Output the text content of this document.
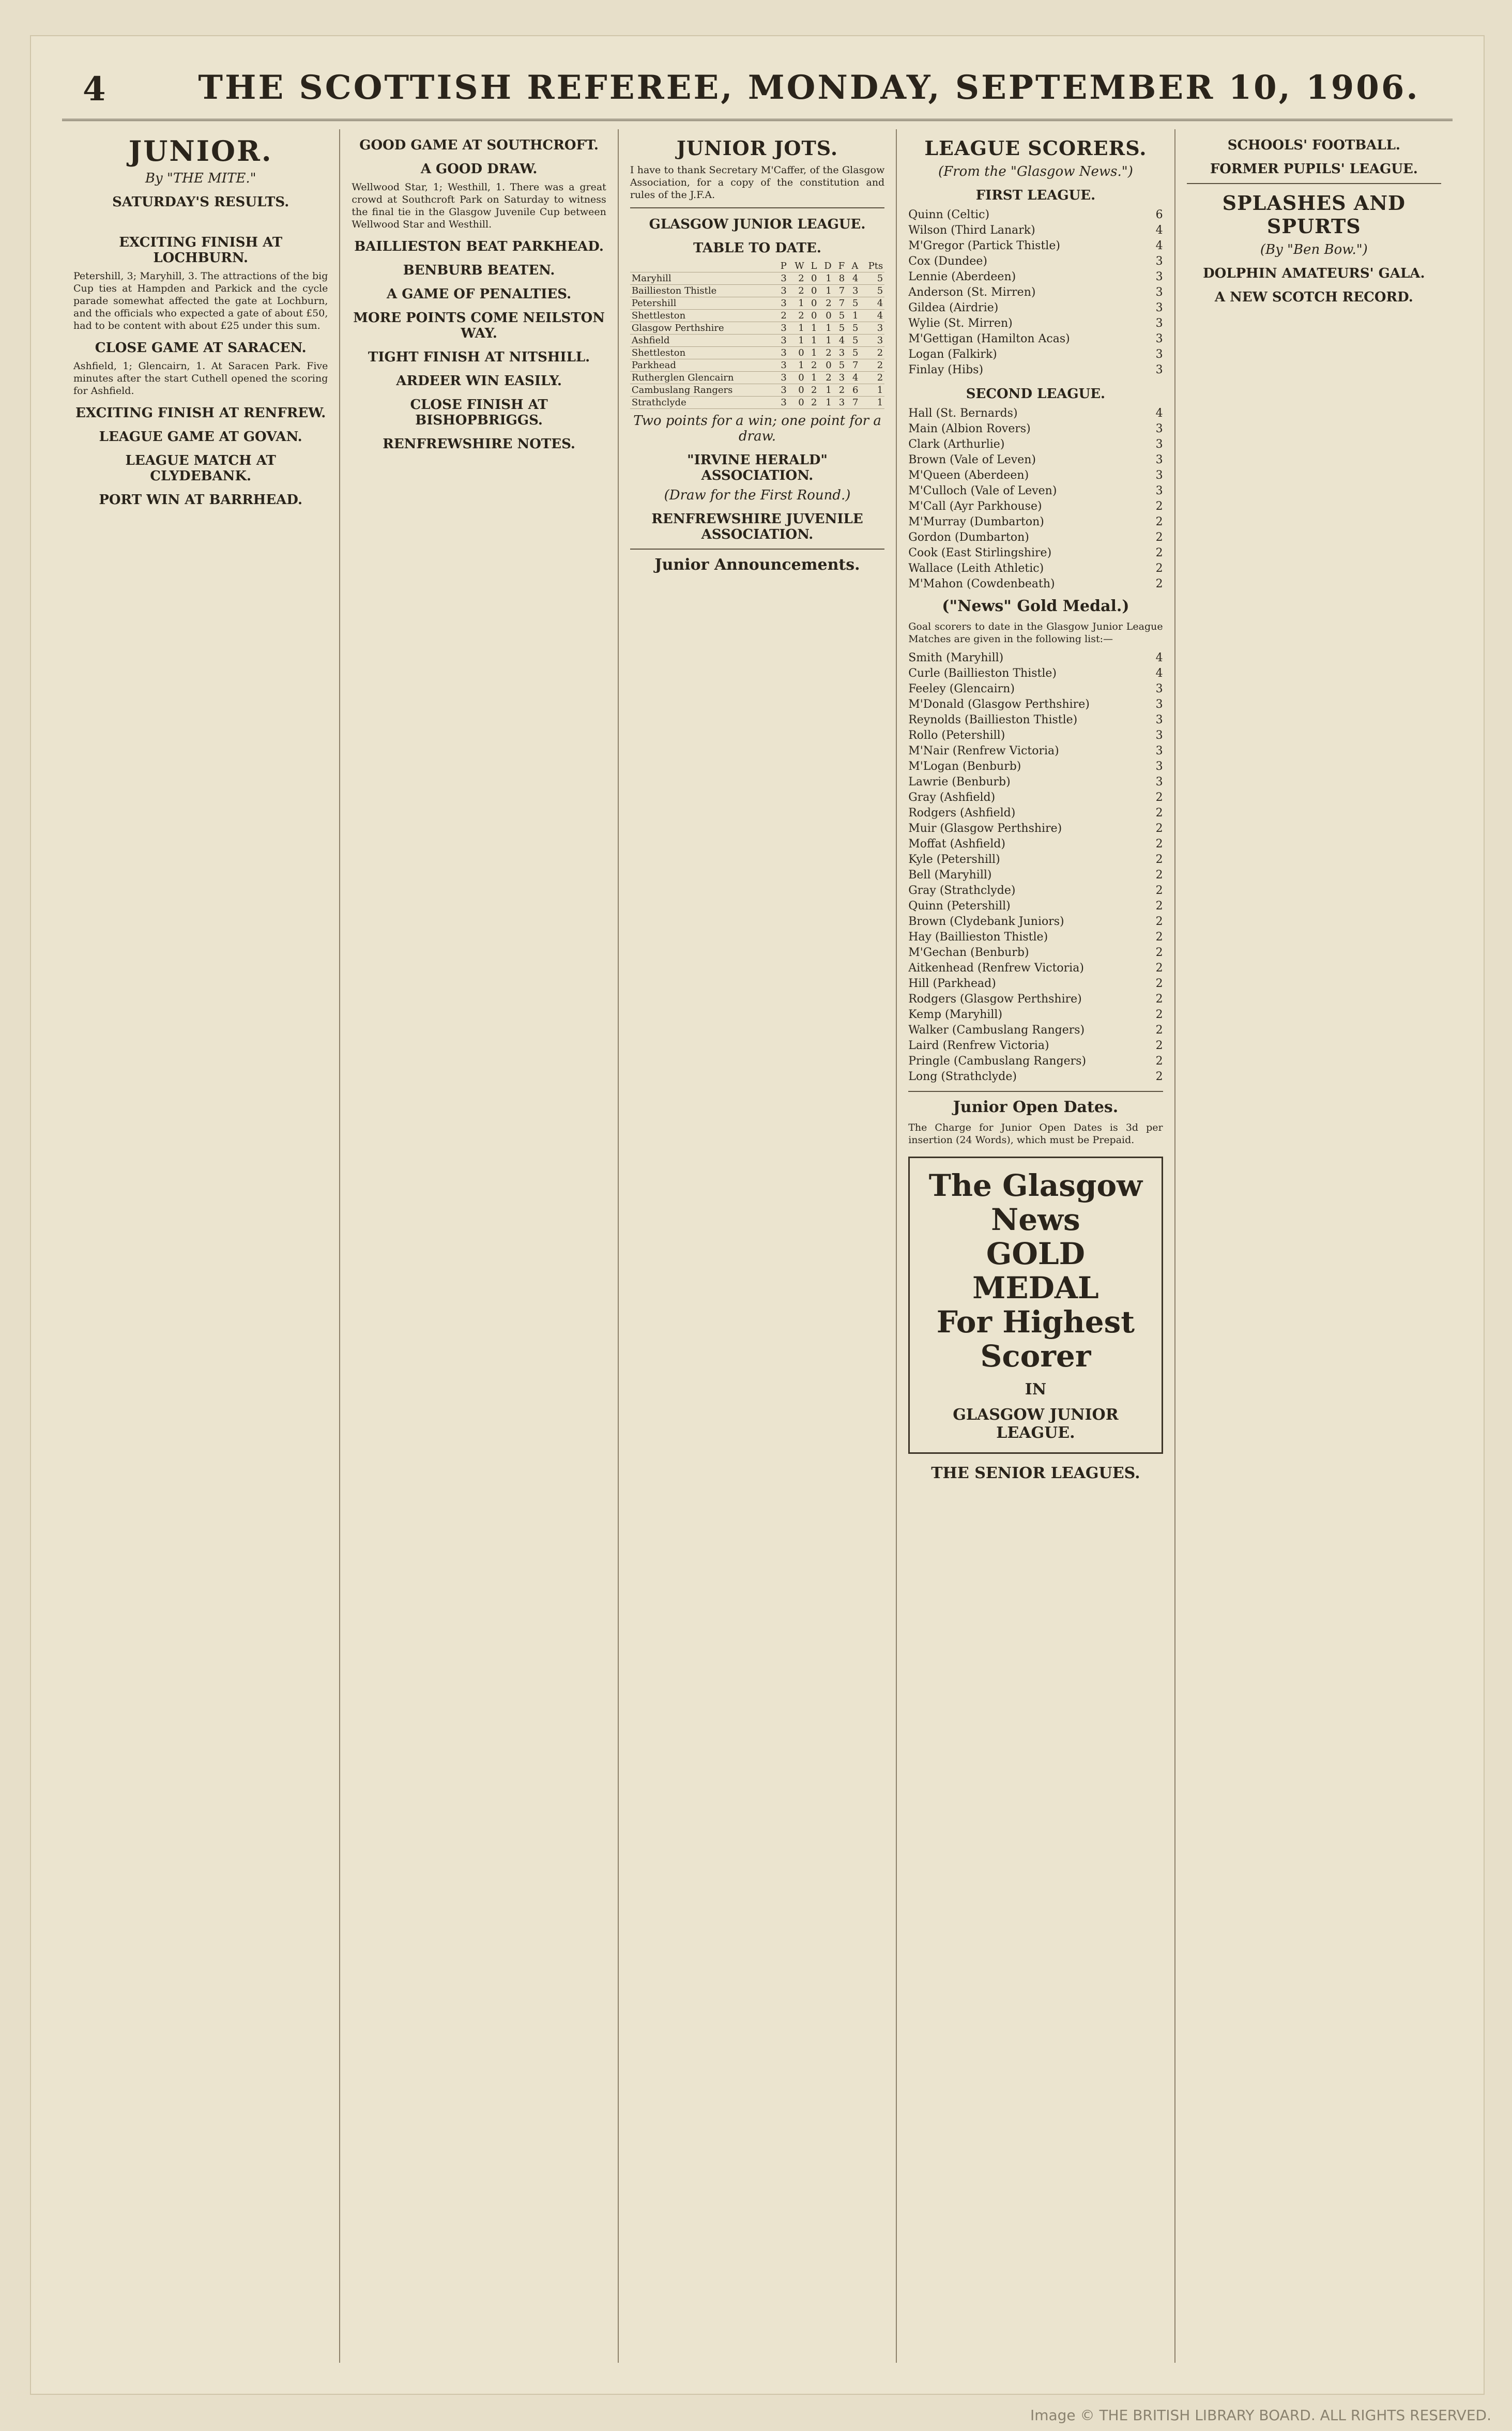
4	THE SCOTTISH REFEREE, MONDAY, SEPTEMBER 10, 1906.
JUNIOR.
By "THE MITE."
SATURDAY'S RESULTS.

EXCITING FINISH AT LOCHBURN.

Petershill, 3; Maryhill, 3. The attractions of the big Cup ties at Hampden and Parkick and the cycle parade somewhat affected the gate at Lochburn, and the officials who expected a gate of about £50, had to be content with about £25 under this sum.

CLOSE GAME AT SARACEN.

Ashfield, 1; Glencairn, 1. At Saracen Park. Five minutes after the start Cuthell opened the scoring for Ashfield.

EXCITING FINISH AT RENFREW.
LEAGUE GAME AT GOVAN.
LEAGUE MATCH AT CLYDEBANK.
PORT WIN AT BARRHEAD.
GOOD GAME AT SOUTHCROFT.
A GOOD DRAW.

Wellwood Star, 1; Westhill, 1. There was a great crowd at Southcroft Park on Saturday to witness the final tie in the Glasgow Juvenile Cup between Wellwood Star and Westhill.

BAILLIESTON BEAT PARKHEAD.
BENBURB BEATEN.
A GAME OF PENALTIES.
MORE POINTS COME NEILSTON WAY.
TIGHT FINISH AT NITSHILL.
ARDEER WIN EASILY.
CLOSE FINISH AT BISHOPBRIGGS.
RENFREWSHIRE NOTES.
JUNIOR JOTS.

I have to thank Secretary M'Caffer, of the Glasgow Association, for a copy of the constitution and rules of the J.F.A.

GLASGOW JUNIOR LEAGUE.
TABLE TO DATE.
	P	W	L	D	F	A	Pts
Maryhill	3	2	0	1	8	4	5
Baillieston Thistle	3	2	0	1	7	3	5
Petershill	3	1	0	2	7	5	4
Shettleston	2	2	0	0	5	1	4
Glasgow Perthshire	3	1	1	1	5	5	3
Ashfield	3	1	1	1	4	5	3
Shettleston	3	0	1	2	3	5	2
Parkhead	3	1	2	0	5	7	2
Rutherglen Glencairn	3	0	1	2	3	4	2
Cambuslang Rangers	3	0	2	1	2	6	1
Strathclyde	3	0	2	1	3	7	1
Two points for a win; one point for a draw.
"IRVINE HERALD" ASSOCIATION.
(Draw for the First Round.)
RENFREWSHIRE JUVENILE ASSOCIATION.
Junior Announcements.
LEAGUE SCORERS.
(From the "Glasgow News.")
FIRST LEAGUE.
Quinn (Celtic)	6
Wilson (Third Lanark)	4
M'Gregor (Partick Thistle)	4
Cox (Dundee)	3
Lennie (Aberdeen)	3
Anderson (St. Mirren)	3
Gildea (Airdrie)	3
Wylie (St. Mirren)	3
M'Gettigan (Hamilton Acas)	3
Logan (Falkirk)	3
Finlay (Hibs)	3
SECOND LEAGUE.
Hall (St. Bernards)	4
Main (Albion Rovers)	3
Clark (Arthurlie)	3
Brown (Vale of Leven)	3
M'Queen (Aberdeen)	3
M'Culloch (Vale of Leven)	3
M'Call (Ayr Parkhouse)	2
M'Murray (Dumbarton)	2
Gordon (Dumbarton)	2
Cook (East Stirlingshire)	2
Wallace (Leith Athletic)	2
M'Mahon (Cowdenbeath)	2
("News" Gold Medal.)

Goal scorers to date in the Glasgow Junior League Matches are given in the following list:—

Smith (Maryhill)	4
Curle (Baillieston Thistle)	4
Feeley (Glencairn)	3
M'Donald (Glasgow Perthshire)	3
Reynolds (Baillieston Thistle)	3
Rollo (Petershill)	3
M'Nair (Renfrew Victoria)	3
M'Logan (Benburb)	3
Lawrie (Benburb)	3
Gray (Ashfield)	2
Rodgers (Ashfield)	2
Muir (Glasgow Perthshire)	2
Moffat (Ashfield)	2
Kyle (Petershill)	2
Bell (Maryhill)	2
Gray (Strathclyde)	2
Quinn (Petershill)	2
Brown (Clydebank Juniors)	2
Hay (Baillieston Thistle)	2
M'Gechan (Benburb)	2
Aitkenhead (Renfrew Victoria)	2
Hill (Parkhead)	2
Rodgers (Glasgow Perthshire)	2
Kemp (Maryhill)	2
Walker (Cambuslang Rangers)	2
Laird (Renfrew Victoria)	2
Pringle (Cambuslang Rangers)	2
Long (Strathclyde)	2
Junior Open Dates.

The Charge for Junior Open Dates is 3d per insertion (24 Words), which must be Prepaid.

The Glasgow News
GOLD MEDAL
For Highest Scorer
IN
GLASGOW JUNIOR LEAGUE.
THE SENIOR LEAGUES.
SCHOOLS' FOOTBALL.
FORMER PUPILS' LEAGUE.
SPLASHES AND SPURTS
(By "Ben Bow.")
DOLPHIN AMATEURS' GALA.
A NEW SCOTCH RECORD.
Image © THE BRITISH LIBRARY BOARD. ALL RIGHTS RESERVED.
